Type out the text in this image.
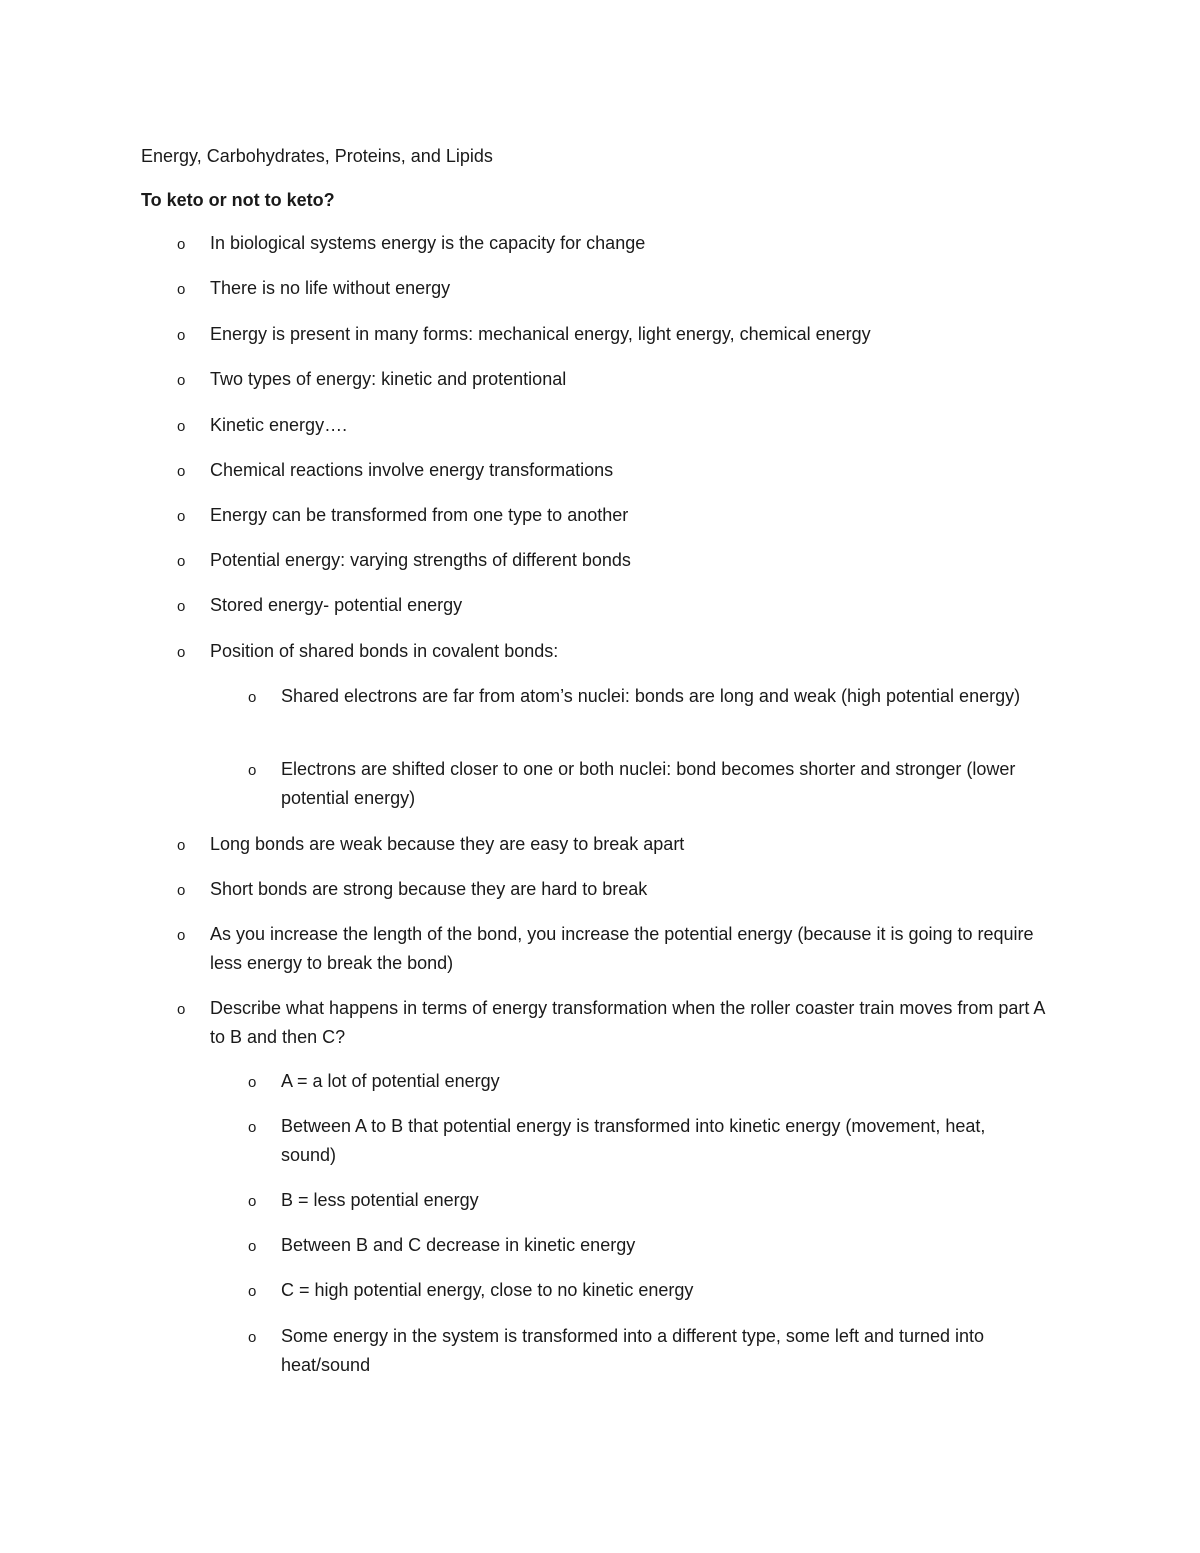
Energy, Carbohydrates, Proteins, and Lipids
To keto or not to keto?
o In biological systems energy is the capacity for change
o There is no life without energy
o Energy is present in many forms: mechanical energy, light energy, chemical energy
o Two types of energy: kinetic and protentional
o Kinetic energy….
o Chemical reactions involve energy transformations
o Energy can be transformed from one type to another
o Potential energy: varying strengths of different bonds
o Stored energy- potential energy
o Position of shared bonds in covalent bonds:
o Shared electrons are far from atom’s nuclei: bonds are long and weak (high potential energy)
o Electrons are shifted closer to one or both nuclei: bond becomes shorter and stronger (lower potential energy)
o Long bonds are weak because they are easy to break apart
o Short bonds are strong because they are hard to break
o As you increase the length of the bond, you increase the potential energy (because it is going to require less energy to break the bond)
o Describe what happens in terms of energy transformation when the roller coaster train moves from part A to B and then C?
o A = a lot of potential energy
o Between A to B that potential energy is transformed into kinetic energy (movement, heat, sound)
o B = less potential energy
o Between B and C decrease in kinetic energy
o C = high potential energy, close to no kinetic energy
o Some energy in the system is transformed into a different type, some left and turned into heat/sound
